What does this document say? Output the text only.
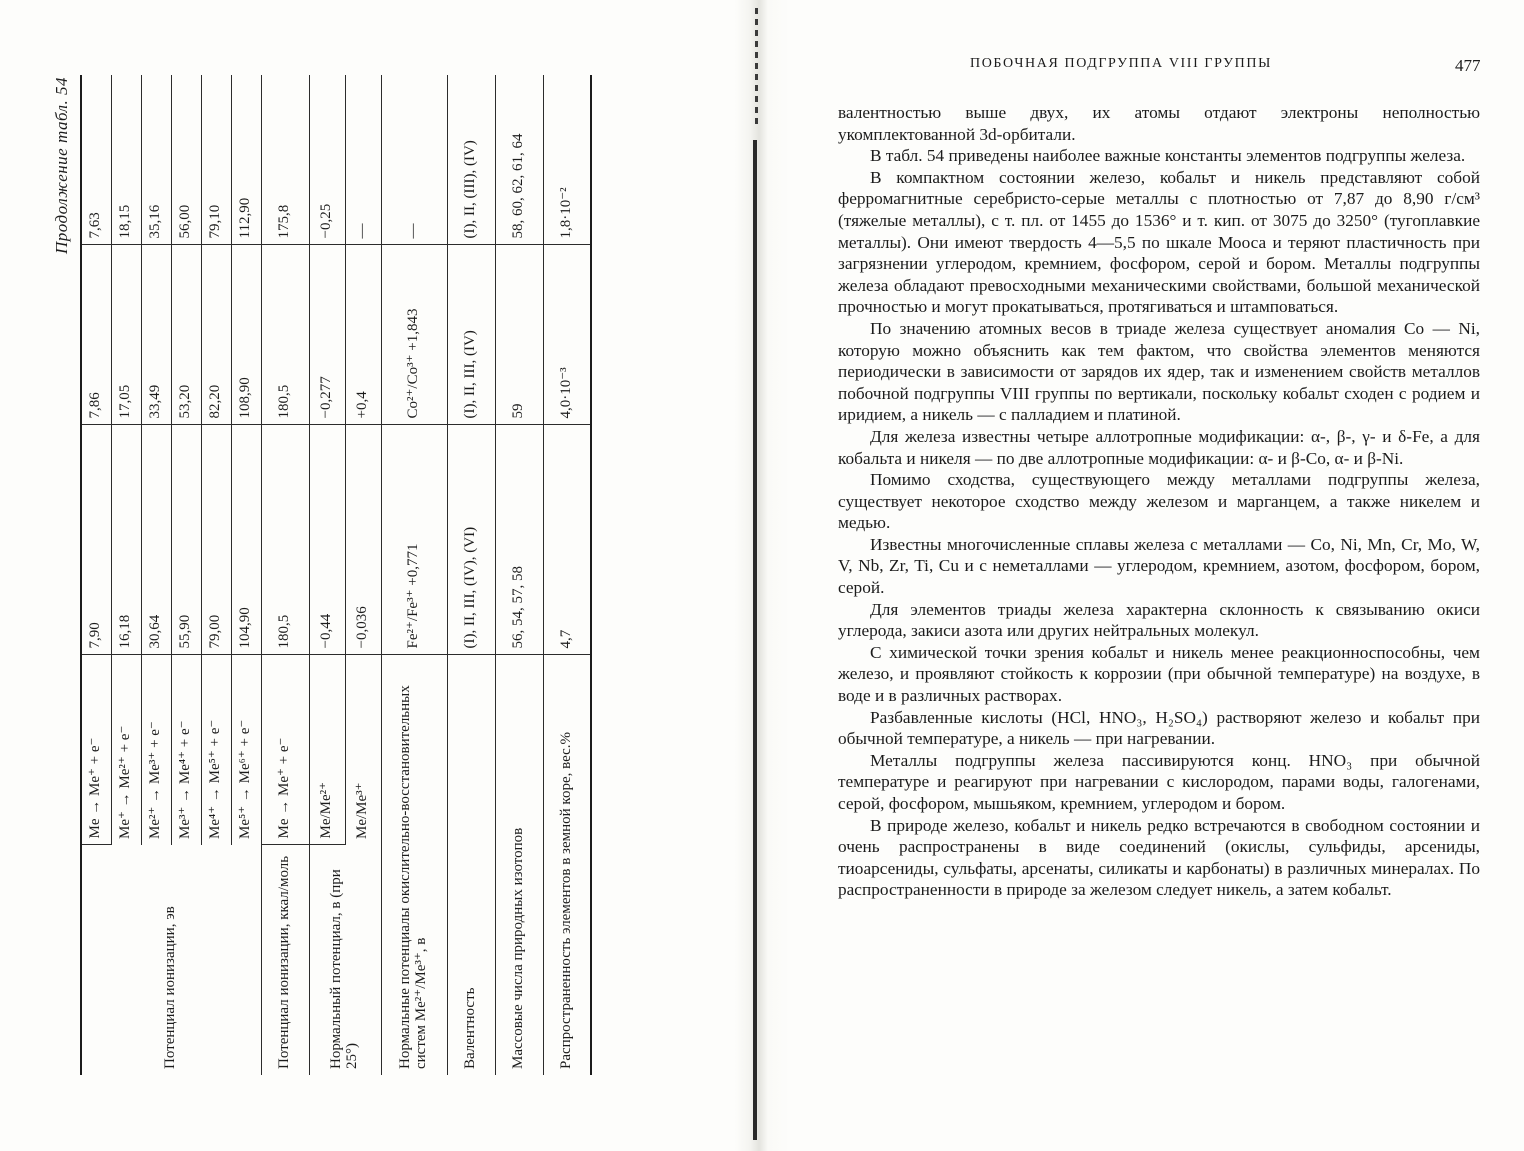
Продолжение табл. 54
Потенциал ионизации, эв	Me → Me⁺ + e⁻	7,90	7,86	7,63
	Me⁺ → Me²⁺ + e⁻	16,18	17,05	18,15
	Me²⁺ → Me³⁺ + e⁻	30,64	33,49	35,16
	Me³⁺ → Me⁴⁺ + e⁻	55,90	53,20	56,00
	Me⁴⁺ → Me⁵⁺ + e⁻	79,00	82,20	79,10
	Me⁵⁺ → Me⁶⁺ + e⁻	104,90	108,90	112,90
Потенциал ионизации, ккал/моль	Me → Me⁺ + e⁻	180,5	180,5	175,8
Нормальный потенциал, в (при 25°)	Me/Me²⁺	−0,44	−0,277	−0,25
	Me/Me³⁺	−0,036	+0,4	—
Нормальные потенциалы окислительно-восстановительных систем Me²⁺/Me³⁺, в		Fe²⁺/Fe³⁺ +0,771	Co²⁺/Co³⁺ +1,843	—
Валентность		(I), II, III, (IV), (VI)	(I), II, III, (IV)	(I), II, (III), (IV)
Массовые числа природных изотопов		56, 54, 57, 58	59	58, 60, 62, 61, 64
Распространенность элементов в земной коре, вес.%		4,7	4,0·10⁻³	1,8·10⁻²
ПОБОЧНАЯ ПОДГРУППА VIII ГРУППЫ	477

валентностью выше двух, их атомы отдают электроны неполностью укомплектованной 3d-орбитали.

В табл. 54 приведены наиболее важные константы элементов подгруппы железа.

В компактном состоянии железо, кобальт и никель представляют собой ферромагнитные серебристо-серые металлы с плотностью от 7,87 до 8,90 г/см³ (тяжелые металлы), с т. пл. от 1455 до 1536° и т. кип. от 3075 до 3250° (тугоплавкие металлы). Они имеют твердость 4—5,5 по шкале Мооса и теряют пластичность при загрязнении углеродом, кремнием, фосфором, серой и бором. Металлы подгруппы железа обладают превосходными механическими свойствами, большой механической прочностью и могут прокатываться, протягиваться и штамповаться.

По значению атомных весов в триаде железа существует аномалия Co — Ni, которую можно объяснить как тем фактом, что свойства элементов меняются периодически в зависимости от зарядов их ядер, так и изменением свойств металлов побочной подгруппы VIII группы по вертикали, поскольку кобальт сходен с родием и иридием, а никель — с палладием и платиной.

Для железа известны четыре аллотропные модификации: α-, β-, γ- и δ-Fe, а для кобальта и никеля — по две аллотропные модификации: α- и β-Co, α- и β-Ni.

Помимо сходства, существующего между металлами подгруппы железа, существует некоторое сходство между железом и марганцем, а также никелем и медью.

Известны многочисленные сплавы железа с металлами — Co, Ni, Mn, Cr, Mo, W, V, Nb, Zr, Ti, Cu и с неметаллами — углеродом, кремнием, азотом, фосфором, бором, серой.

Для элементов триады железа характерна склонность к связыванию окиси углерода, закиси азота или других нейтральных молекул.

С химической точки зрения кобальт и никель менее реакционноспособны, чем железо, и проявляют стойкость к коррозии (при обычной температуре) на воздухе, в воде и в различных растворах.

Разбавленные кислоты (HCl, HNO₃, H₂SO₄) растворяют железо и кобальт при обычной температуре, а никель — при нагревании.

Металлы подгруппы железа пассивируются конц. HNO₃ при обычной температуре и реагируют при нагревании с кислородом, парами воды, галогенами, серой, фосфором, мышьяком, кремнием, углеродом и бором.

В природе железо, кобальт и никель редко встречаются в свободном состоянии и очень распространены в виде соединений (окислы, сульфиды, арсениды, тиоарсениды, сульфаты, арсенаты, силикаты и карбонаты) в различных минералах. По распространенности в природе за железом следует никель, а затем кобальт.
